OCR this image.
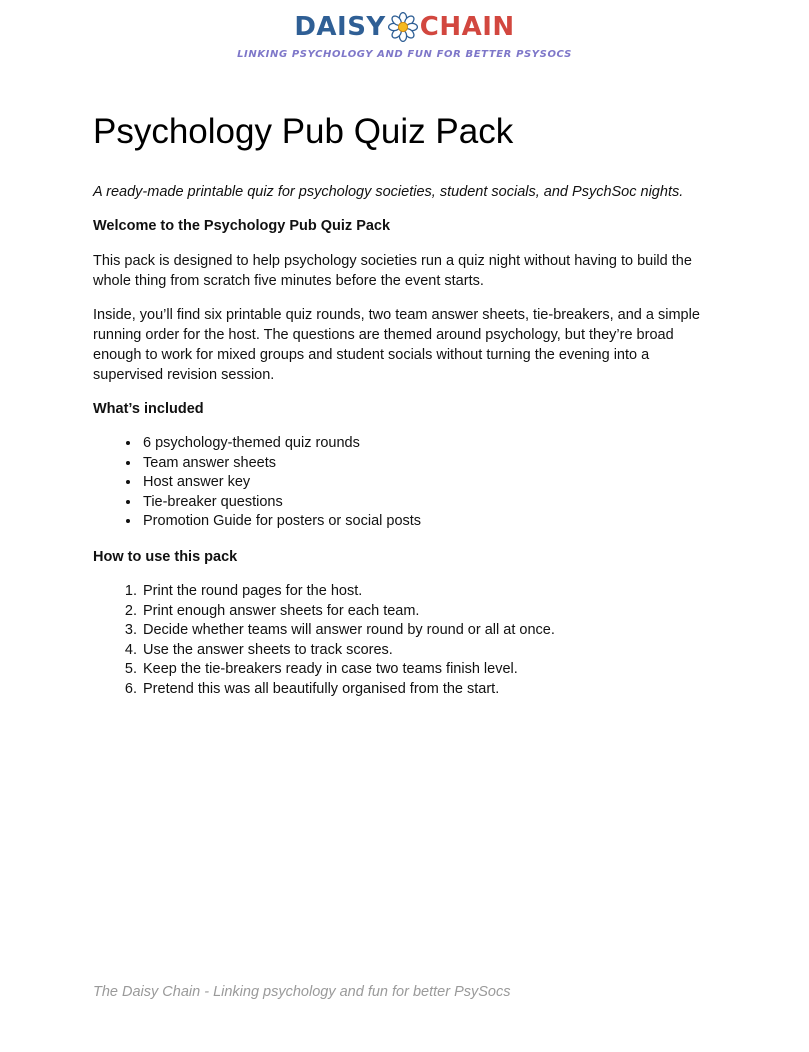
DAISY CHAIN
LINKING PSYCHOLOGY AND FUN FOR BETTER PSYSOCS
Psychology Pub Quiz Pack

A ready-made printable quiz for psychology societies, student socials, and PsychSoc nights.

Welcome to the Psychology Pub Quiz Pack

This pack is designed to help psychology societies run a quiz night without having to build the whole thing from scratch five minutes before the event starts.

Inside, you’ll find six printable quiz rounds, two team answer sheets, tie-breakers, and a simple running order for the host. The questions are themed around psychology, but they’re broad enough to work for mixed groups and student socials without turning the evening into a supervised revision session.

What’s included

• 6 psychology-themed quiz rounds
• Team answer sheets
• Host answer key
• Tie-breaker questions
• Promotion Guide for posters or social posts

How to use this pack

1. Print the round pages for the host.
2. Print enough answer sheets for each team.
3. Decide whether teams will answer round by round or all at once.
4. Use the answer sheets to track scores.
5. Keep the tie-breakers ready in case two teams finish level.
6. Pretend this was all beautifully organised from the start.
The Daisy Chain - Linking psychology and fun for better PsySocs
